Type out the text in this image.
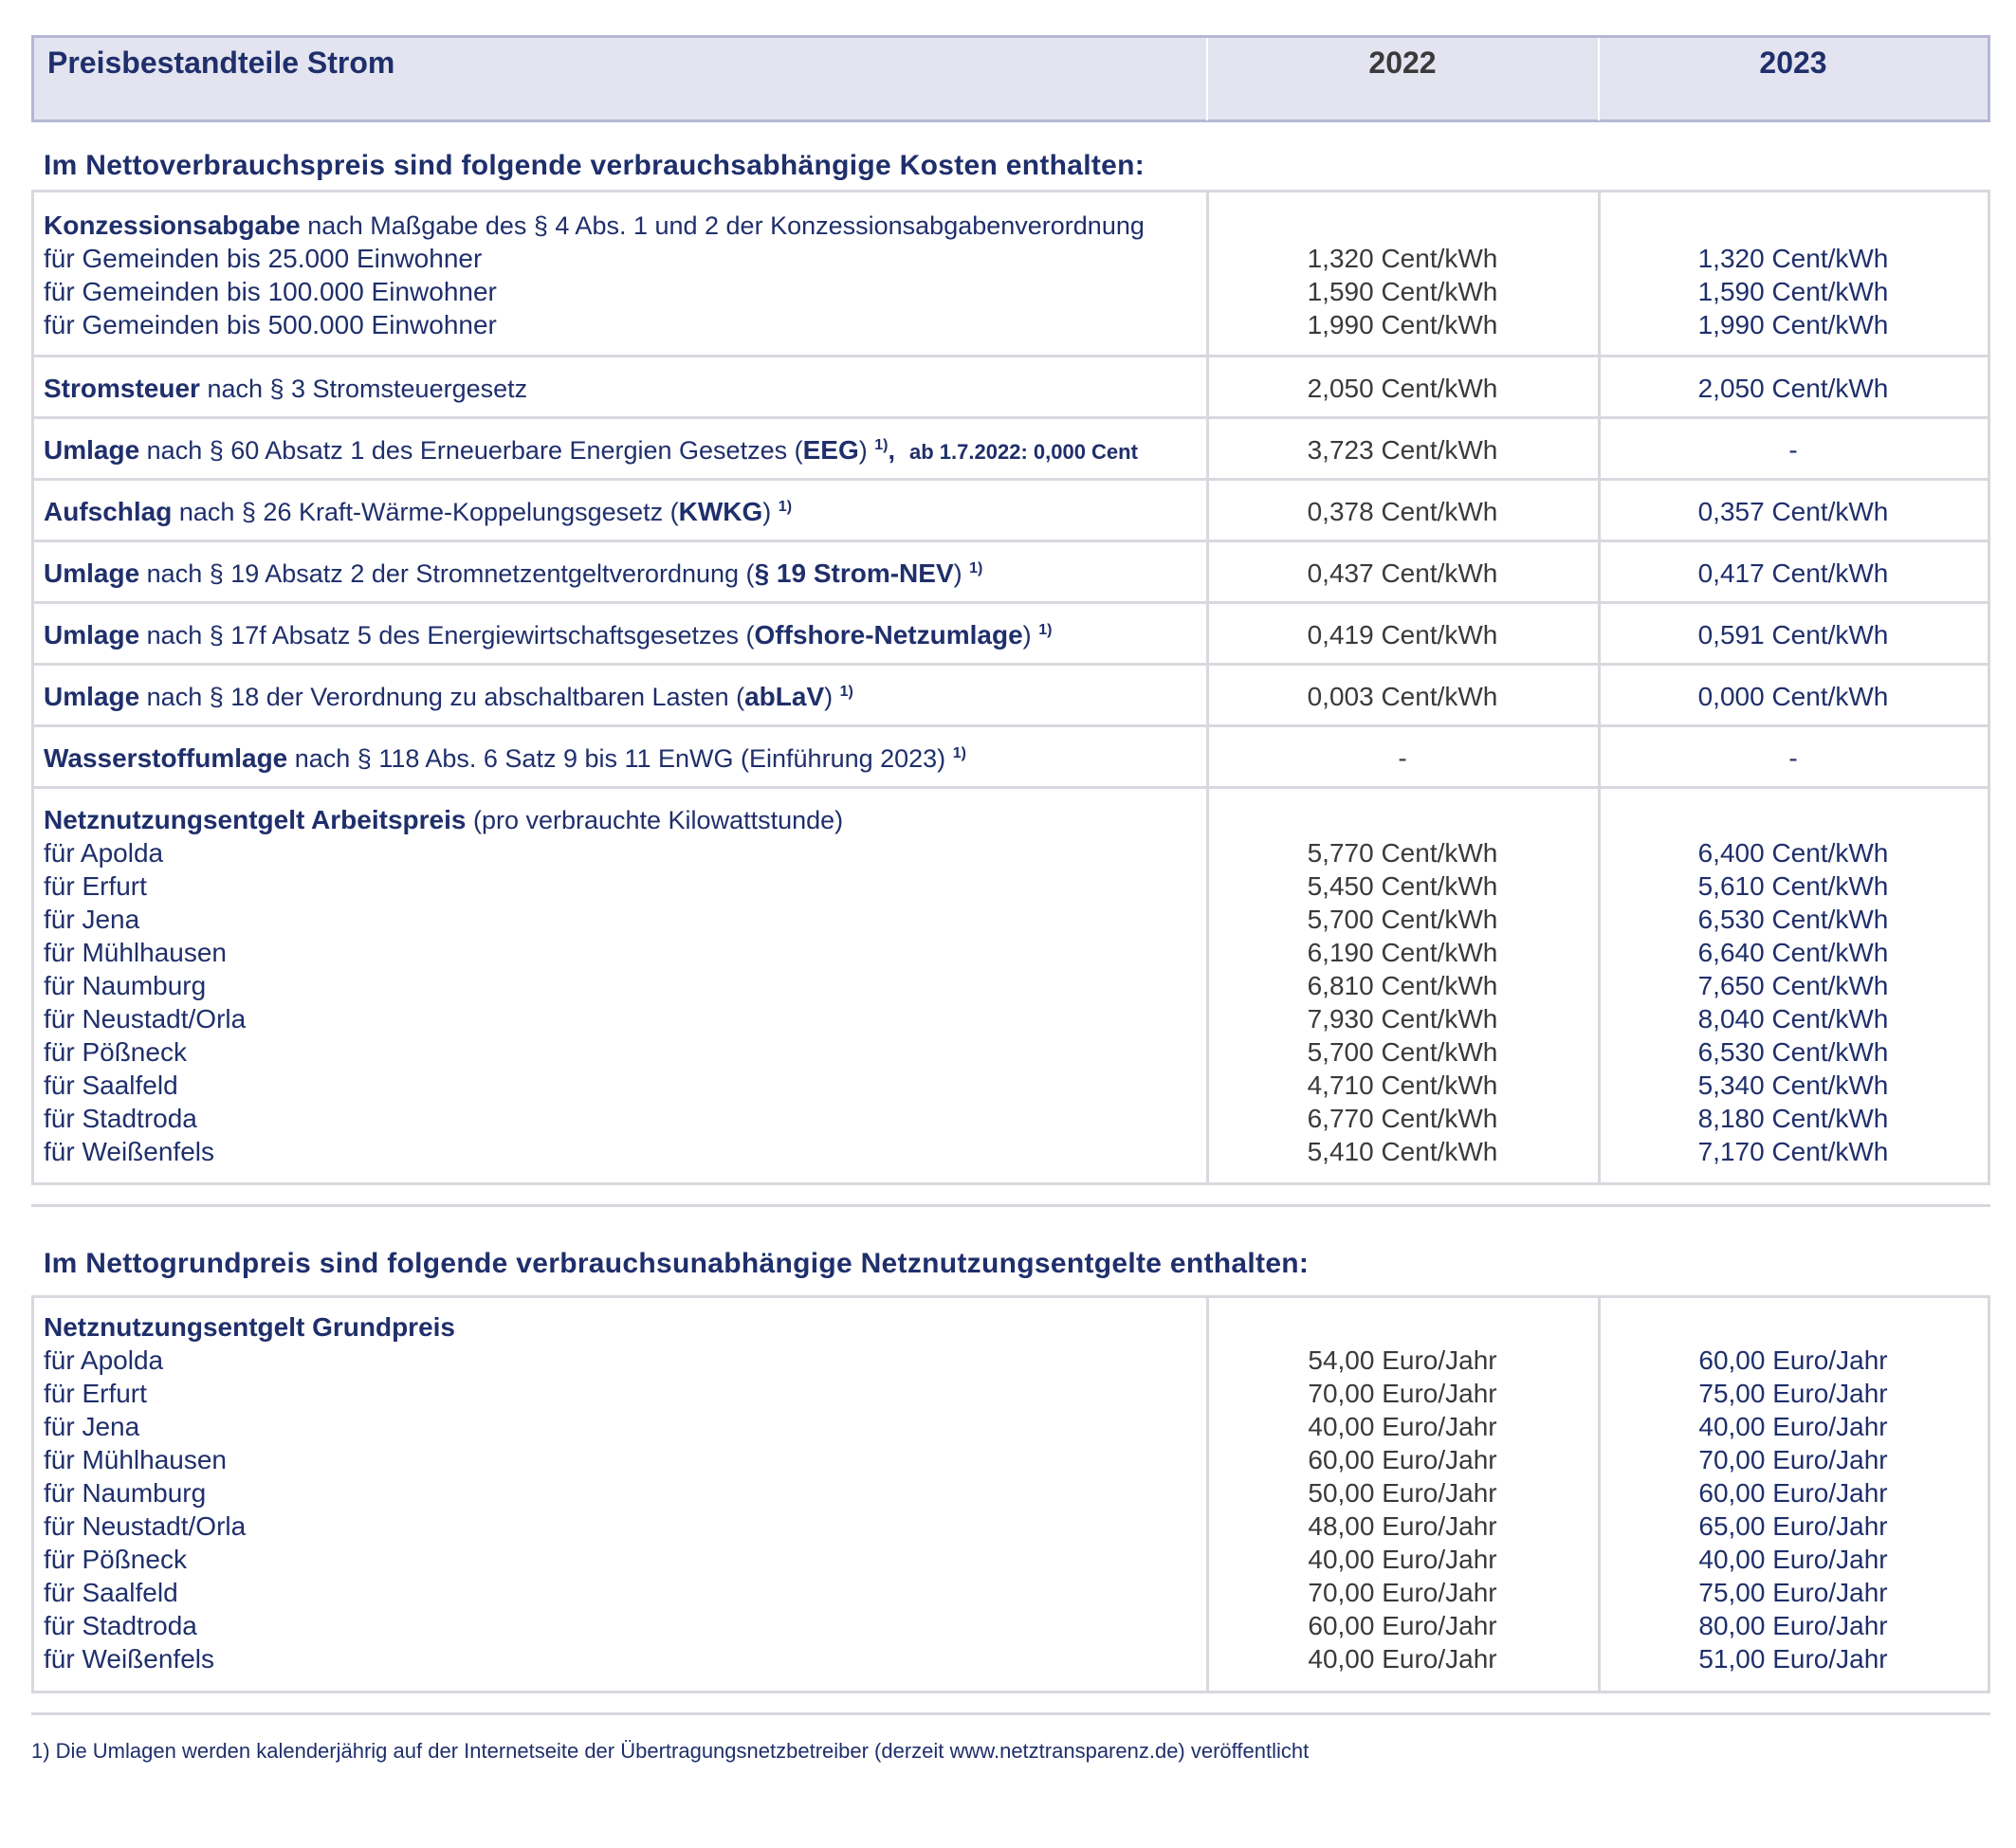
Preisbestandteile Strom	2022	2023
Im Nettoverbrauchspreis sind folgende verbrauchsabhängige Kosten enthalten:
Konzessionsabgabe nach Maßgabe des § 4 Abs. 1 und 2 der Konzessionsabgabenverordnung
für Gemeinden bis 25.000 Einwohner	1,320 Cent/kWh	1,320 Cent/kWh
für Gemeinden bis 100.000 Einwohner	1,590 Cent/kWh	1,590 Cent/kWh
für Gemeinden bis 500.000 Einwohner	1,990 Cent/kWh	1,990 Cent/kWh
Stromsteuer nach § 3 Stromsteuergesetz	2,050 Cent/kWh	2,050 Cent/kWh
Umlage nach § 60 Absatz 1 des Erneuerbare Energien Gesetzes (EEG) $^{1)}$, ab 1.7.2022: 0,000 Cent	3,723 Cent/kWh	-
Aufschlag nach § 26 Kraft-Wärme-Koppelungsgesetz (KWKG) $^{1)}$	0,378 Cent/kWh	0,357 Cent/kWh
Umlage nach § 19 Absatz 2 der Stromnetzentgeltverordnung (§ 19 Strom-NEV) $^{1)}$	0,437 Cent/kWh	0,417 Cent/kWh
Umlage nach § 17f Absatz 5 des Energiewirtschaftsgesetzes (Offshore-Netzumlage) $^{1)}$	0,419 Cent/kWh	0,591 Cent/kWh
Umlage nach § 18 der Verordnung zu abschaltbaren Lasten (abLaV) $^{1)}$	0,003 Cent/kWh	0,000 Cent/kWh
Wasserstoffumlage nach § 118 Abs. 6 Satz 9 bis 11 EnWG (Einführung 2023) $^{1)}$	-	-
Netznutzungsentgelt Arbeitspreis (pro verbrauchte Kilowattstunde)
für Apolda	5,770 Cent/kWh	6,400 Cent/kWh
für Erfurt	5,450 Cent/kWh	5,610 Cent/kWh
für Jena	5,700 Cent/kWh	6,530 Cent/kWh
für Mühlhausen	6,190 Cent/kWh	6,640 Cent/kWh
für Naumburg	6,810 Cent/kWh	7,650 Cent/kWh
für Neustadt/Orla	7,930 Cent/kWh	8,040 Cent/kWh
für Pößneck	5,700 Cent/kWh	6,530 Cent/kWh
für Saalfeld	4,710 Cent/kWh	5,340 Cent/kWh
für Stadtroda	6,770 Cent/kWh	8,180 Cent/kWh
für Weißenfels	5,410 Cent/kWh	7,170 Cent/kWh
Im Nettogrundpreis sind folgende verbrauchsunabhängige Netznutzungsentgelte enthalten:
Netznutzungsentgelt Grundpreis
für Apolda	54,00 Euro/Jahr	60,00 Euro/Jahr
für Erfurt	70,00 Euro/Jahr	75,00 Euro/Jahr
für Jena	40,00 Euro/Jahr	40,00 Euro/Jahr
für Mühlhausen	60,00 Euro/Jahr	70,00 Euro/Jahr
für Naumburg	50,00 Euro/Jahr	60,00 Euro/Jahr
für Neustadt/Orla	48,00 Euro/Jahr	65,00 Euro/Jahr
für Pößneck	40,00 Euro/Jahr	40,00 Euro/Jahr
für Saalfeld	70,00 Euro/Jahr	75,00 Euro/Jahr
für Stadtroda	60,00 Euro/Jahr	80,00 Euro/Jahr
für Weißenfels	40,00 Euro/Jahr	51,00 Euro/Jahr
1) Die Umlagen werden kalenderjährig auf der Internetseite der Übertragungsnetzbetreiber (derzeit www.netztransparenz.de) veröffentlicht
